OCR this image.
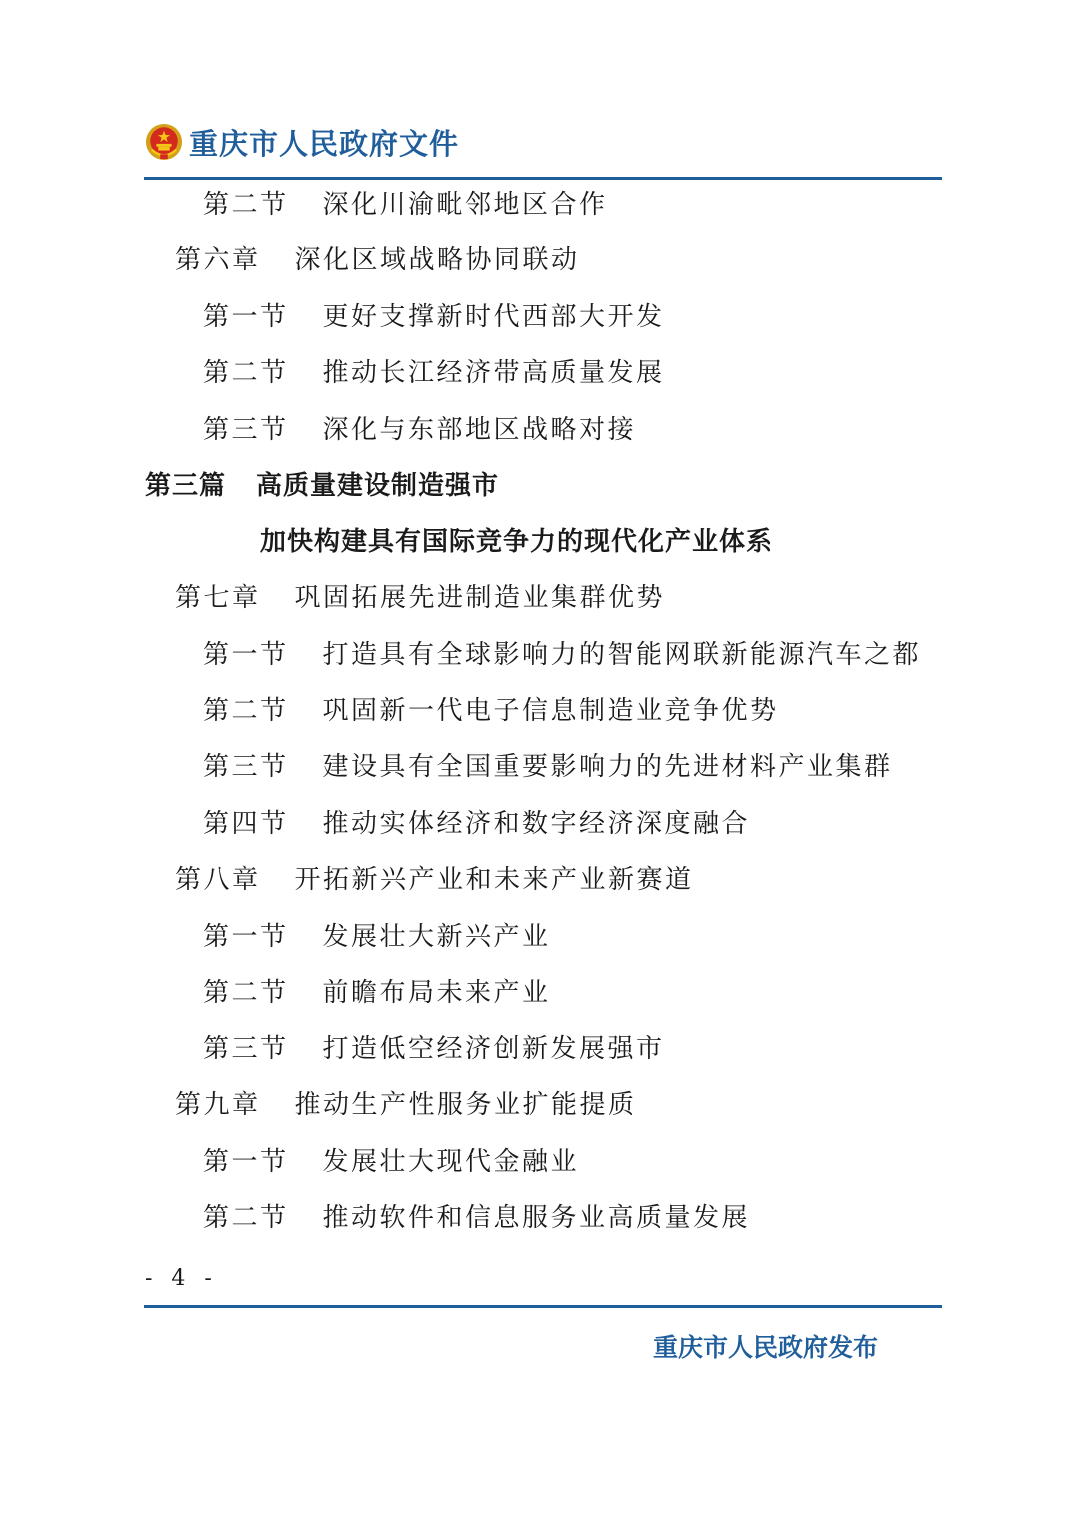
重庆市人民政府文件
第二节 深化川渝毗邻地区合作
第六章 深化区域战略协同联动
第一节 更好支撑新时代西部大开发
第二节 推动长江经济带高质量发展
第三节 深化与东部地区战略对接
第三篇 高质量建设制造强市
加快构建具有国际竞争力的现代化产业体系
第七章 巩固拓展先进制造业集群优势
第一节 打造具有全球影响力的智能网联新能源汽车之都
第二节 巩固新一代电子信息制造业竞争优势
第三节 建设具有全国重要影响力的先进材料产业集群
第四节 推动实体经济和数字经济深度融合
第八章 开拓新兴产业和未来产业新赛道
第一节 发展壮大新兴产业
第二节 前瞻布局未来产业
第三节 打造低空经济创新发展强市
第九章 推动生产性服务业扩能提质
第一节 发展壮大现代金融业
第二节 推动软件和信息服务业高质量发展
- 4 -
重庆市人民政府发布
